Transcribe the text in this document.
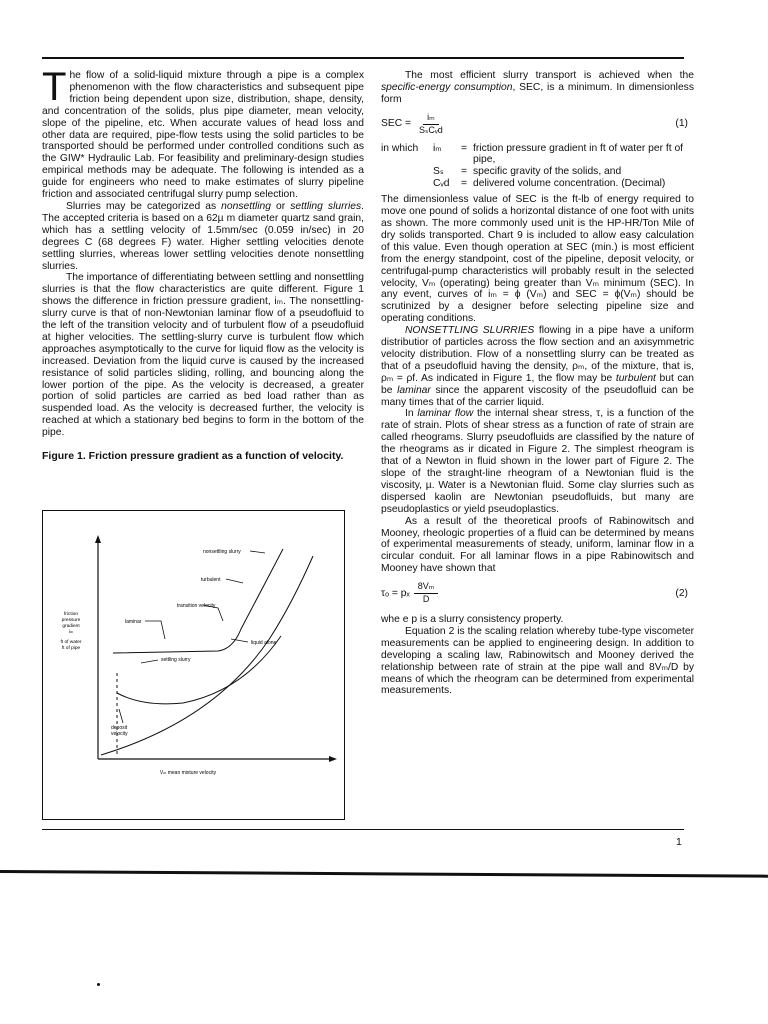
The flow of a solid-liquid mixture through a pipe is a complex phenomenon with the flow characteristics and subsequent pipe friction being dependent upon size, distribution, shape, density, and concentration of the solids, plus pipe diameter, mean velocity, slope of the pipeline, etc. When accurate values of head loss and other data are required, pipe-flow tests using the solid particles to be transported should be performed under controlled conditions such as the GIW* Hydraulic Lab. For feasibility and preliminary-design studies empirical methods may be adequate. The following is intended as a guide for engineers who need to make estimates of slurry pipeline friction and associated centrifugal slurry pump selection.

Slurries may be categorized as nonsettling or settling slurries. The accepted criteria is based on a 62µ m diameter quartz sand grain, which has a settling velocity of 1.5mm/sec (0.059 in/sec) in 20 degrees C (68 degrees F) water. Higher settling velocities denote settling slurries, whereas lower settling velocities denote nonsettling slurries.

The importance of differentiating between settling and nonsettling slurries is that the flow characteristics are quite different. Figure 1 shows the difference in friction pressure gradient, iₘ. The nonsettling-slurry curve is that of non-Newtonian laminar flow of a pseudofluid to the left of the transition velocity and of turbulent flow of a pseudofluid at higher velocities. The settling-slurry curve is turbulent flow which approaches asymptotically to the curve for liquid flow as the velocity is increased. Deviation from the liquid curve is caused by the increased resistance of solid particles sliding, rolling, and bouncing along the lower portion of the pipe. As the velocity is decreased, a greater portion of solid particles are carried as bed load rather than as suspended load. As the velocity is decreased further, the velocity is reached at which a stationary bed begins to form in the bottom of the pipe.

Figure 1. Friction pressure gradient as a function of velocity.
nonsettling slurry
turbulent
transition velocity
laminar
liquid alone
settling slurry
deposit
velocity
friction
pressure
gradient
iₘ
ft of water
ft of pipe
Vₘ mean mixture velocity

The most efficient slurry transport is achieved when the specific-energy consumption, SEC, is a minimum. In dimensionless form

SEC = $\frac{\text{iₘ}}{\text{SₛCᵥd}}$	(1)
in which	iₘ	= friction pressure gradient in ft of water per ft of pipe,
Sₛ	= specific gravity of the solids, and
Cᵥd	= delivered volume concentration. (Decimal)

The dimensionless value of SEC is the ft-lb of energy required to move one pound of solids a horizontal distance of one foot with units as shown. The more commonly used unit is the HP-HR/Ton Mile of dry solids transported. Chart 9 is included to allow easy calculation of this value. Even though operation at SEC (min.) is most efficient from the energy standpoint, cost of the pipeline, deposit velocity, or centrifugal-pump characteristics will probably result in the selected velocity, Vₘ (operating) being greater than Vₘ minimum (SEC). In any event, curves of iₘ = ϕ (Vₘ) and SEC = ϕ(Vₘ) should be scrutinized by a designer before selecting pipeline size and operating conditions.

NONSETTLING SLURRIES flowing in a pipe have a uniform distributior of particles across the flow section and an axisymmetric velocity distribution. Flow of a nonsettling slurry can be treated as that of a pseudofluid having the density, ρₘ, of the mixture, that is, ρₘ = ρf. As indicated in Figure 1, the flow may be turbulent but can be laminar since the apparent viscosity of the pseudofluid can be many times that of the carrier liquid.

In laminar flow the internal shear stress, τ, is a function of the rate of strain. Plots of shear stress as a function of rate of strain are called rheograms. Slurry pseudofluids are classified by the nature of the rheograms as ir dicated in Figure 2. The simplest rheogram is that of a Newton in fluid shown in the lower part of Figure 2. The slope of the straıght-line rheogram of a Newtonian fluid is the viscosity, µ. Water is a Newtonian fluid. Some clay slurries such as dispersed kaolin are Newtonian pseudofluids, but many are pseudoplastics or yield pseudoplastics.

As a result of the theoretical proofs of Rabinowitsch and Mooney, rheologic properties of a fluid can be determined by means of experimental measurements of steady, uniform, laminar flow in a circular conduit. For all laminar flows in a pipe Rabinowitsch and Mooney have shown that

τₒ = pₓ $\frac{\text{8Vₘ}}{D}$	(2)

whe e p is a slurry consistency property.

Equation 2 is the scaling relation whereby tube-type viscometer measurements can be applied to engineering design. In addition to developing a scaling law, Rabinowitsch and Mooney derived the relationship between rate of strain at the pipe wall and 8Vₘ/D by means of which the rheogram can be determined from experimental measurements.

1
